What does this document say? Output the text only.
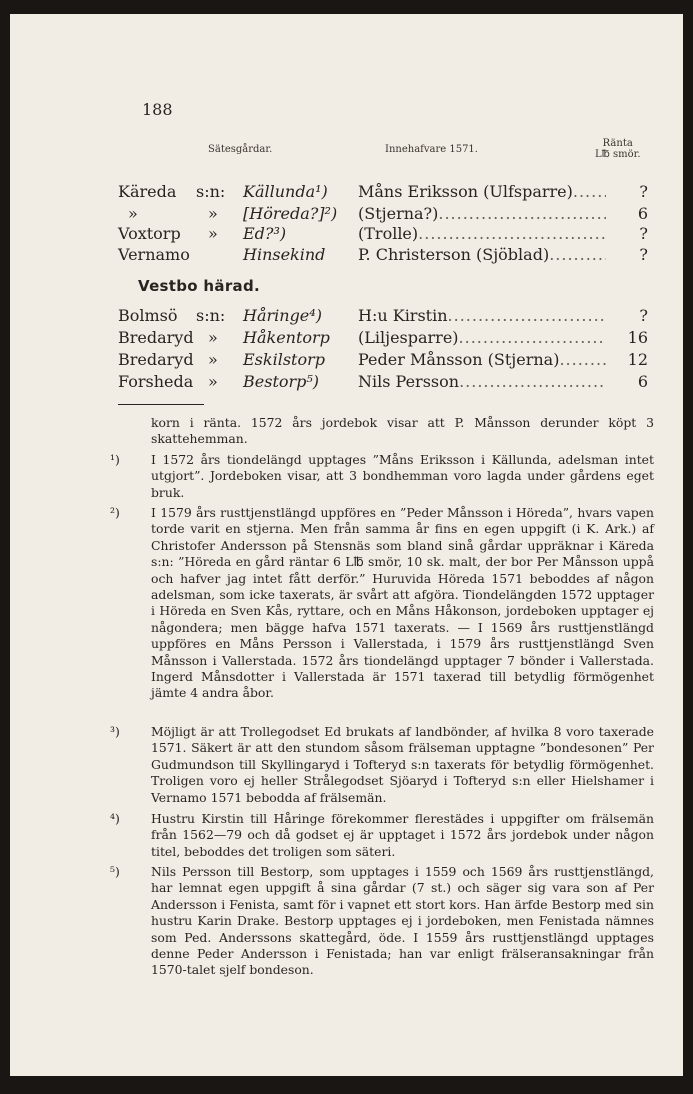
188
Sätesgårdar.	Innehafvare 1571.
Ränta
L℔ smör.
Käreda s:n: Källunda¹) Måns Eriksson (Ulfsparre) .....	?
»	» [Höreda?]²) (Stjerna?) .....	6
Voxtorp » Ed?³)	(Trolle) .....	?
Vernamo	Hinsekind P. Christerson (Sjöblad) .....	?
Vestbo härad.
Bolmsö s:n: Håringe⁴) H:u Kirstin .....	?
Bredaryd » Håkentorp (Liljesparre) .....	16
Bredaryd » Eskilstorp Peder Månsson (Stjerna) .....	12
Forsheda » Bestorp⁵) Nils Persson .....	6
korn i ränta. 1572 års jordebok visar att P. Månsson derunder köpt 3 skattehemman.
¹)	I 1572 års tiondelängd upptages ”Måns Eriksson i Källunda, adelsman intet utgjort”. Jordeboken visar, att 3 bondhemman voro lagda under gårdens eget bruk.
²)	I 1579 års rusttjenstlängd uppföres en ”Peder Månsson i Höreda”, hvars vapen torde varit en stjerna. Men från samma år fins en egen uppgift (i K. Ark.) af Christofer Andersson på Stensnäs som bland sinå gårdar uppräknar i Käreda s:n: ”Höreda en gård räntar 6 L℔ smör, 10 sk. malt, der bor Per Månsson uppå och hafver jag intet fått derför.” Huruvida Höreda 1571 beboddes af någon adelsman, som icke taxerats, är svårt att afgöra. Tiondelängden 1572 upptager i Höreda en Sven Kås, ryttare, och en Måns Håkonson, jordeboken upptager ej någondera; men bägge hafva 1571 taxerats. — I 1569 års rusttjenstlängd uppföres en Måns Persson i Vallerstada, i 1579 års rusttjenstlängd Sven Månsson i Vallerstada. 1572 års tiondelängd upptager 7 bönder i Vallerstada. Ingerd Månsdotter i Vallerstada är 1571 taxerad till betydlig förmögenhet jämte 4 andra åbor.
³)	Möjligt är att Trollegodset Ed brukats af landbönder, af hvilka 8 voro taxerade 1571. Säkert är att den stundom såsom frälseman upptagne ”bondesonen” Per Gudmundson till Skyllingaryd i Tofteryd s:n taxerats för betydlig förmögenhet. Troligen voro ej heller Strålegodset Sjöaryd i Tofteryd s:n eller Hielshamer i Vernamo 1571 bebodda af frälsemän.
⁴)	Hustru Kirstin till Håringe förekommer flerestädes i uppgifter om frälsemän från 1562—79 och då godset ej är upptaget i 1572 års jordebok under någon titel, beboddes det troligen som säteri.
⁵)	Nils Persson till Bestorp, som upptages i 1559 och 1569 års rusttjenstlängd, har lemnat egen uppgift å sina gårdar (7 st.) och säger sig vara son af Per Andersson i Fenista, samt för i vapnet ett stort kors. Han ärfde Bestorp med sin hustru Karin Drake. Bestorp upptages ej i jordeboken, men Fenistada nämnes som Ped. Anderssons skattegård, öde. I 1559 års rusttjenstlängd upptages denne Peder Andersson i Fenistada; han var enligt frälseransakningar från 1570-talet sjelf bondeson.
